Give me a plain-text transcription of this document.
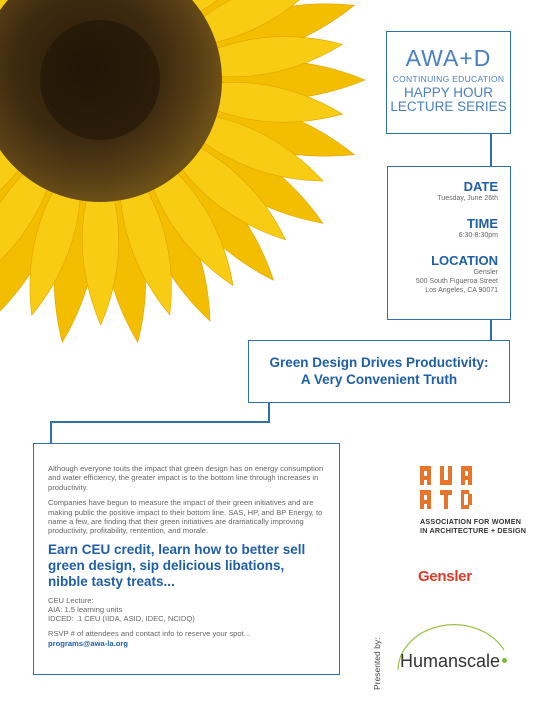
AWA+D
CONTINUING EDUCATION
HAPPY HOUR
LECTURE SERIES
DATE
Tuesday, June 26th
TIME
6:30-8:30pm
LOCATION
Gensler
500 South Figueroa Street
Los Angeles, CA 90071
Green Design Drives Productivity:
A Very Convenient Truth

Although everyone touts the impact that green design has on energy consumption and water efficiency, the greater impact is to the bottom line through increases in productivity.

Companies have begun to measure the impact of their green initiatives and are making public the positive impact to their bottom line. SAS, HP, and BP Energy, to name a few, are finding that their green initiatives are dramatically improving productivity, profitability, rentention, and morale.

Earn CEU credit, learn how to better sell green design, sip delicious libations, nibble tasty treats...
CEU Lecture:
AIA: 1.5 learning units
IDCED: .1 CEU (IIDA, ASID, IDEC, NCIDQ)
RSVP # of attendees and contact info to reserve your spot...
programs@awa-la.org
ASSOCIATION FOR WOMEN
IN ARCHITECTURE + DESIGN
Gensler
Presented by: Humanscale
